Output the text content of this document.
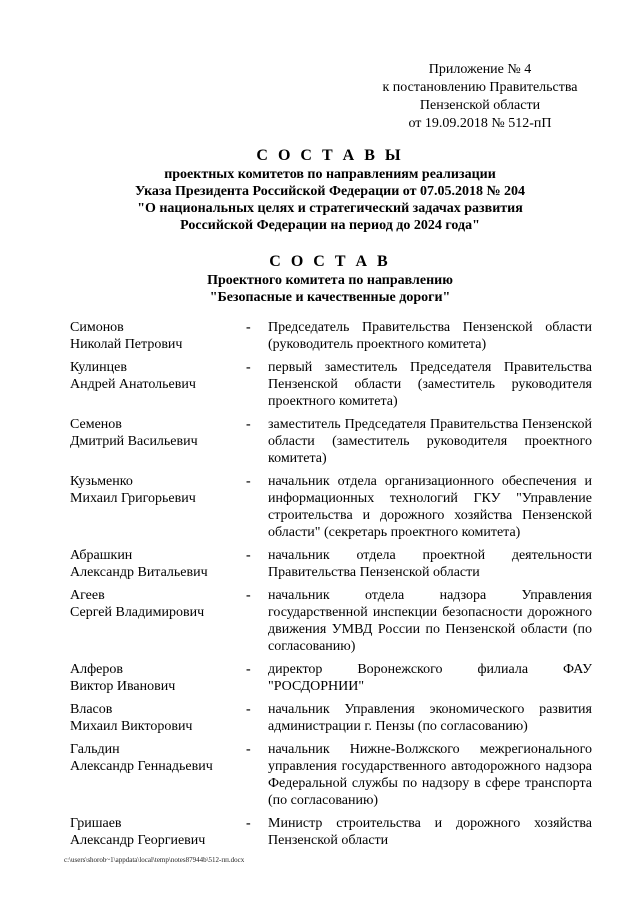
Приложение № 4
к постановлению Правительства
Пензенской области
от 19.09.2018 № 512-пП
С О С Т А В Ы
проектных комитетов по направлениям реализации
Указа Президента Российской Федерации от 07.05.2018 № 204
"О национальных целях и стратегический задачах развития
Российской Федерации на период до 2024 года"
С О С Т А В
Проектного комитета по направлению
"Безопасные и качественные дороги"
Симонов
Николай Петрович
-	Председатель Правительства Пензенской области (руководитель проектного комитета)
Кулинцев
Андрей Анатольевич
-	первый заместитель Председателя Правительства Пензенской области (заместитель руководителя проектного комитета)
Семенов
Дмитрий Васильевич
-	заместитель Председателя Правительства Пензенской области (заместитель руководителя проектного комитета)
Кузьменко
Михаил Григорьевич
-	начальник отдела организационного обеспечения и информационных технологий ГКУ "Управление строительства и дорожного хозяйства Пензенской области" (секретарь проектного комитета)
Абрашкин
Александр Витальевич
-	начальник отдела проектной деятельности Правительства Пензенской области
Агеев
Сергей Владимирович
-	начальник отдела надзора Управления государственной инспекции безопасности дорожного движения УМВД России по Пензенской области (по согласованию)
Алферов
Виктор Иванович
-	директор Воронежского филиала ФАУ "РОСДОРНИИ"
Власов
Михаил Викторович
-	начальник Управления экономического развития администрации г. Пензы (по согласованию)
Гальдин
Александр Геннадьевич
-	начальник Нижне-Волжского межрегионального управления государственного автодорожного надзора Федеральной службы по надзору в сфере транспорта (по согласованию)
Гришаев
Александр Георгиевич
-	Министр строительства и дорожного хозяйства Пензенской области
c:\users\shorob~1\appdata\local\temp\notes87944b\512-пп.docx
